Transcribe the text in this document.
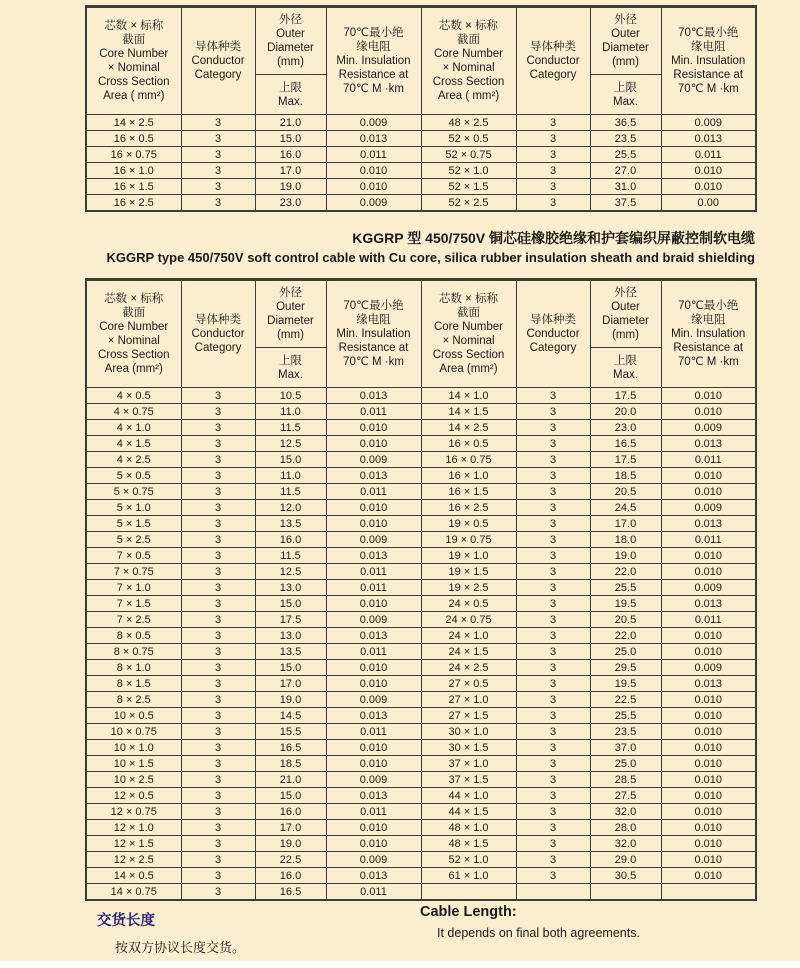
芯数 × 标称
截面
Core Number
× Nominal
Cross Section
Area ( mm²)

导体种类
Conductor
Category

外径
Outer
Diameter
(mm)

70℃最小绝
缘电阻
Min. Insulation
Resistance at
70℃ M ·km

芯数 × 标称
截面
Core Number
× Nominal
Cross Section
Area ( mm²)

导体种类
Conductor
Category

外径
Outer
Diameter
(mm)

70℃最小绝
缘电阻
Min. Insulation
Resistance at
70℃ M ·km

上限
Max.

上限
Max.

14 × 2.5	3	21.0	0.009	48 × 2.5	3	36.5	0.009
16 × 0.5	3	15.0	0.013	52 × 0.5	3	23.5	0.013
16 × 0.75	3	16.0	0.011	52 × 0.75	3	25.5	0.011
16 × 1.0	3	17.0	0.010	52 × 1.0	3	27.0	0.010
16 × 1.5	3	19.0	0.010	52 × 1.5	3	31.0	0.010
16 × 2.5	3	23.0	0.009	52 × 2.5	3	37.5	0.00
KGGRP 型 450/750V 铜芯硅橡胶绝缘和护套编织屏蔽控制软电缆
KGGRP type 450/750V soft control cable with Cu core, silica rubber insulation sheath and braid shielding
芯数 × 标称
截面
Core Number
× Nominal
Cross Section
Area (mm²)

导体种类
Conductor
Category

外径
Outer
Diameter
(mm)

70℃最小绝
缘电阻
Min. Insulation
Resistance at
70℃ M ·km

芯数 × 标称
截面
Core Number
× Nominal
Cross Section
Area (mm²)

导体种类
Conductor
Category

外径
Outer
Diameter
(mm)

70℃最小绝
缘电阻
Min. Insulation
Resistance at
70℃ M ·km

上限
Max.

上限
Max.

4 × 0.5	3	10.5	0.013	14 × 1.0	3	17.5	0.010
4 × 0.75	3	11.0	0.011	14 × 1.5	3	20.0	0.010
4 × 1.0	3	11.5	0.010	14 × 2.5	3	23.0	0.009
4 × 1.5	3	12.5	0.010	16 × 0.5	3	16.5	0.013
4 × 2.5	3	15.0	0.009	16 × 0.75	3	17.5	0.011
5 × 0.5	3	11.0	0.013	16 × 1.0	3	18.5	0.010
5 × 0.75	3	11.5	0.011	16 × 1.5	3	20.5	0.010
5 × 1.0	3	12.0	0.010	16 × 2.5	3	24.5	0.009
5 × 1.5	3	13.5	0.010	19 × 0.5	3	17.0	0.013
5 × 2.5	3	16.0	0.009	19 × 0.75	3	18.0	0.011
7 × 0.5	3	11.5	0.013	19 × 1.0	3	19.0	0.010
7 × 0.75	3	12.5	0.011	19 × 1.5	3	22.0	0.010
7 × 1.0	3	13.0	0.011	19 × 2.5	3	25.5	0.009
7 × 1.5	3	15.0	0.010	24 × 0.5	3	19.5	0.013
7 × 2.5	3	17.5	0.009	24 × 0.75	3	20.5	0.011
8 × 0.5	3	13.0	0.013	24 × 1.0	3	22.0	0.010
8 × 0.75	3	13.5	0.011	24 × 1.5	3	25.0	0.010
8 × 1.0	3	15.0	0.010	24 × 2.5	3	29.5	0.009
8 × 1.5	3	17.0	0.010	27 × 0.5	3	19.5	0.013
8 × 2.5	3	19.0	0.009	27 × 1.0	3	22.5	0.010
10 × 0.5	3	14.5	0.013	27 × 1.5	3	25.5	0.010
10 × 0.75	3	15.5	0.011	30 × 1.0	3	23.5	0.010
10 × 1.0	3	16.5	0.010	30 × 1.5	3	37.0	0.010
10 × 1.5	3	18.5	0.010	37 × 1.0	3	25.0	0.010
10 × 2.5	3	21.0	0.009	37 × 1.5	3	28.5	0.010
12 × 0.5	3	15.0	0.013	44 × 1.0	3	27.5	0.010
12 × 0.75	3	16.0	0.011	44 × 1.5	3	32.0	0.010
12 × 1.0	3	17.0	0.010	48 × 1.0	3	28.0	0.010
12 × 1.5	3	19.0	0.010	48 × 1.5	3	32.0	0.010
12 × 2.5	3	22.5	0.009	52 × 1.0	3	29.0	0.010
14 × 0.5	3	16.0	0.013	61 × 1.0	3	30.5	0.010
14 × 0.75	3	16.5	0.011				
交货长度
按双方协议长度交货。
Cable Length:
It depends on final both agreements.
